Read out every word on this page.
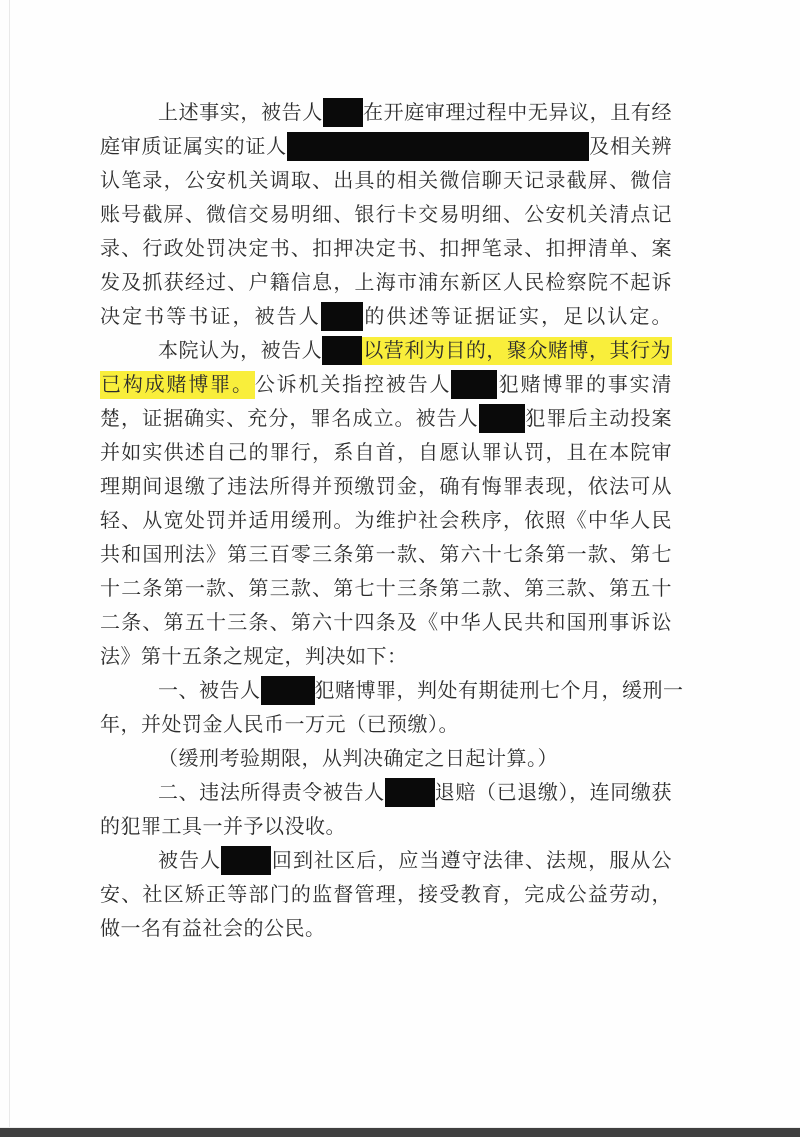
上述事实，被告人 在开庭审理过程中无异议，且有经
庭审质证属实的证人	及相关辨
认笔录，公安机关调取、出具的相关微信聊天记录截屏、微信
账号截屏、微信交易明细、银行卡交易明细、公安机关清点记
录、行政处罚决定书、扣押决定书、扣押笔录、扣押清单、案
发及抓获经过、户籍信息，上海市浦东新区人民检察院不起诉
决定书等书证，被告人 的供述等证据证实，足以认定。
本院认为，被告人 以营利为目的，聚众赌博，其行为
已构成赌博罪。公诉机关指控被告人 犯赌博罪的事实清
楚，证据确实、充分，罪名成立。被告人 犯罪后主动投案
并如实供述自己的罪行，系自首，自愿认罪认罚，且在本院审
理期间退缴了违法所得并预缴罚金，确有悔罪表现，依法可从
轻、从宽处罚并适用缓刑。为维护社会秩序，依照《中华人民
共和国刑法》第三百零三条第一款、第六十七条第一款、第七
十二条第一款、第三款、第七十三条第二款、第三款、第五十
二条、第五十三条、第六十四条及《中华人民共和国刑事诉讼
法》第十五条之规定，判决如下：
一、被告人	犯赌博罪，判处有期徒刑七个月，缓刑一
年，并处罚金人民币一万元（已预缴）。
（缓刑考验期限，从判决确定之日起计算。）
二、违法所得责令被告人	退赔（已退缴），连同缴获
的犯罪工具一并予以没收。
被告人	回到社区后，应当遵守法律、法规，服从公
安、社区矫正等部门的监督管理，接受教育，完成公益劳动，
做一名有益社会的公民。
